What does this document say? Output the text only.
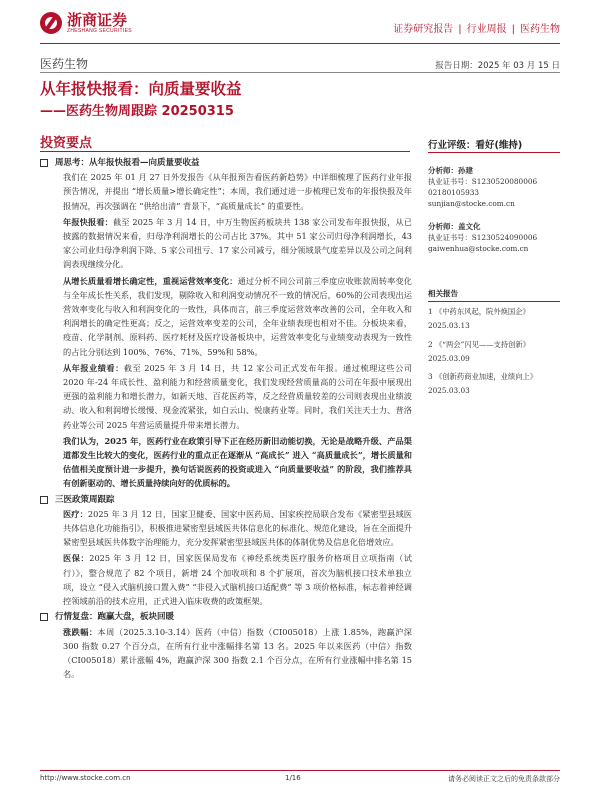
浙商证券
ZHESHANG SECURITIES	证券研究报告 | 行业周报 | 医药生物
医药生物	报告日期：2025 年 03 月 15 日
从年报快报看：向质量要收益
——医药生物周跟踪 20250315
投资要点
周思考：从年报快报看—向质量要收益

我们在 2025 年 01 月 27 日外发报告《从年报预告看医药新趋势》中详细梳理了医药行业年报预告情况，并提出 “增长质量>增长确定性”；本周，我们通过进一步梳理已发布的年报快报及年报情况，再次强调在 “供给出清” 背景下，“高质量成长” 的重要性。

年报快报看：截至 2025 年 3 月 14 日，中万生物医药板块共 138 家公司发布年报快报，从已披露的数据情况来看，归母净利润增长的公司占比 37%。其中 51 家公司归母净利润增长，43 家公司业归母净利润下降、5 家公司扭亏、17 家公司减亏，细分领域景气度差异以及公司之间利润表现继续分化。

从增长质量看增长确定性，重视运营效率变化：通过分析不同公司前三季度应收账款周转率变化与全年成长性关系，我们发现，剔除收入和利润变动情况不一致的情况后，60%的公司表现出运营效率变化与收入和利润变化的一致性，具体而言，前三季度运营效率改善的公司，全年收入和利润增长的确定性更高；反之，运营效率变差的公司，全年业绩表现也相对不佳。分板块来看，疫苗、化学制剂、原料药、医疗耗材及医疗设备板块中，运营效率变化与业绩变动表现为一致性的占比分别达到 100%、76%、71%、59%和 58%。

从年报业绩看：截至 2025 年 3 月 14 日，共 12 家公司正式发布年报。通过梳理这些公司 2020 年-24 年成长性、盈利能力和经营质量变化，我们发现经营质量高的公司在年报中展现出更强的盈利能力和增长潜力，如新天地、百花医药等，反之经营质量较差的公司则表现出业绩波动、收入和利润增长缓慢、现金流紧张，如白云山、悦康药业等。同时，我们关注天士力、普洛药业等公司 2025 年营运质量提升带来增长潜力。

我们认为，2025 年，医药行业在政策引导下正在经历新旧动能切换，无论是战略升级、产品渠道都发生比较大的变化，医药行业的重点正在逐渐从 “高成长” 进入 “高质量成长”，增长质量和估值相关度预计进一步提升，换句话说医药的投资或进入 “向质量要收益” 的阶段，我们推荐具有创新驱动的、增长质量持续向好的优质标的。

三医政策周跟踪

医疗：2025 年 3 月 12 日，国家卫健委、国家中医药局、国家疾控局联合发布《紧密型县域医共体信息化功能指引》，积极推进紧密型县域医共体信息化的标准化、规范化建设，旨在全面提升紧密型县域医共体数字治理能力，充分发挥紧密型县域医共体的体制优势及信息化倍增效应。

医保：2025 年 3 月 12 日，国家医保局发布《神经系统类医疗服务价格项目立项指南（试行）》，整合规范了 82 个项目，新增 24 个加收项和 8 个扩展项，首次为脑机接口技术单独立项，设立 “侵入式脑机接口置入费” “非侵入式脑机接口适配费” 等 3 项价格标准，标志着神经调控领域前沿的技术应用，正式进入临床收费的政策框架。

行情复盘：跑赢大盘，板块回暖

涨跌幅：本周（2025.3.10-3.14）医药（中信）指数（CI005018）上涨 1.85%，跑赢沪深 300 指数 0.27 个百分点，在所有行业中涨幅排名第 13 名。2025 年以来医药（中信）指数（CI005018）累计涨幅 4%，跑赢沪深 300 指数 2.1 个百分点，在所有行业涨幅中排名第 15 名。

行业评级：看好(维持)
分析师：孙建
执业证书号：S1230520080006
02180105933
sunjian@stocke.com.cn
分析师：盖文化
执业证书号：S1230524090006
gaiwenhua@stocke.com.cn
相关报告
1 《中药东风起，院外焕国企》 2025.03.13
2 《“两会”闪见——支持创新》 2025.03.09
3 《创新药商业加速，业绩向上》 2025.03.03
http://www.stocke.com.cn	1/16	请务必阅读正文之后的免责条款部分
